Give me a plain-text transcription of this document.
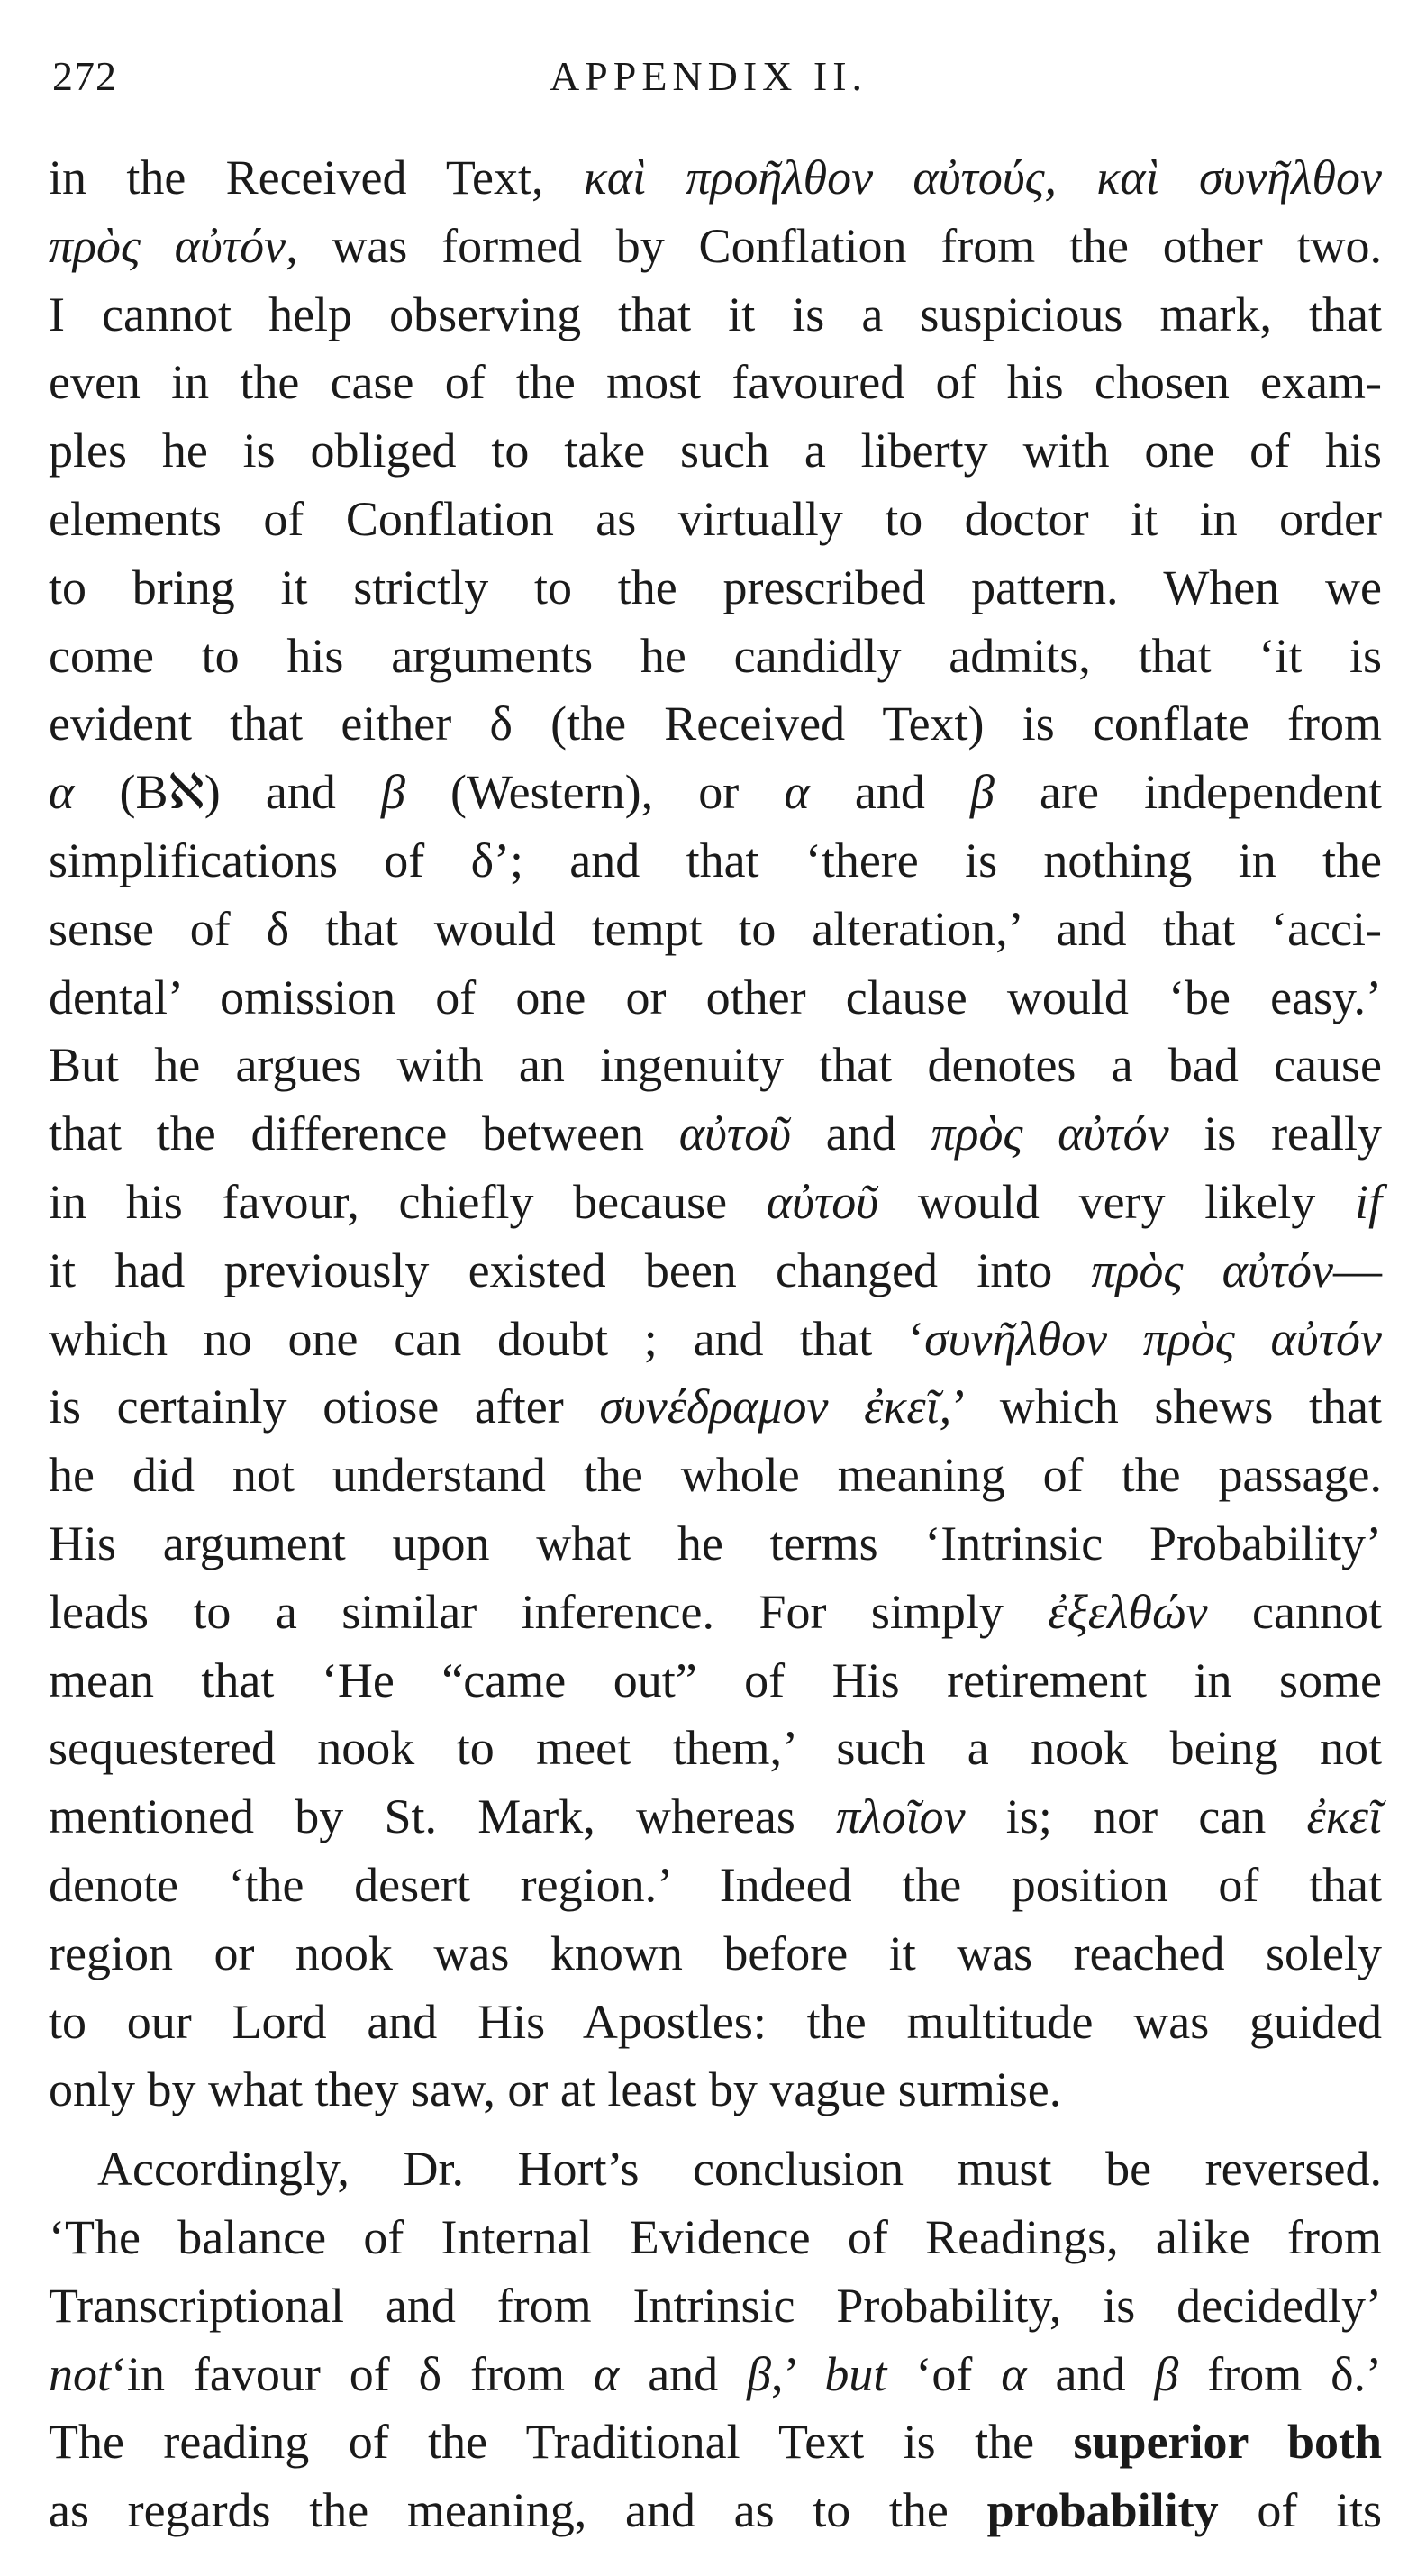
272	APPENDIX II.
in the Received Text, καὶ προῆλθον αὐτούς, καὶ συνῆλθον
πρὸς αὐτόν, was formed by Conflation from the other two.
I cannot help observing that it is a suspicious mark, that
even in the case of the most favoured of his chosen exam-
ples he is obliged to take such a liberty with one of his
elements of Conflation as virtually to doctor it in order
to bring it strictly to the prescribed pattern. When we
come to his arguments he candidly admits, that ‘it is
evident that either δ (the Received Text) is conflate from
α (Bℵ) and β (Western), or α and β are independent
simplifications of δ’; and that ‘there is nothing in the
sense of δ that would tempt to alteration,’ and that ‘acci-
dental’ omission of one or other clause would ‘be easy.’
But he argues with an ingenuity that denotes a bad cause
that the difference between αὐτοῦ and πρὸς αὐτόν is really
in his favour, chiefly because αὐτοῦ would very likely if
it had previously existed been changed into πρὸς αὐτόν—
which no one can doubt ; and that ‘συνῆλθον πρὸς αὐτόν
is certainly otiose after συνέδραμον ἐκεῖ,’ which shews that
he did not understand the whole meaning of the passage.
His argument upon what he terms ‘Intrinsic Probability’
leads to a similar inference. For simply ἐξελθών cannot
mean that ‘He “came out” of His retirement in some
sequestered nook to meet them,’ such a nook being not
mentioned by St. Mark, whereas πλοῖον is; nor can ἐκεῖ
denote ‘the desert region.’ Indeed the position of that
region or nook was known before it was reached solely
to our Lord and His Apostles: the multitude was guided
only by what they saw, or at least by vague surmise.
Accordingly, Dr. Hort’s conclusion must be reversed.
‘The balance of Internal Evidence of Readings, alike from
Transcriptional and from Intrinsic Probability, is decidedly’
not‘in favour of δ from α and β,’ but ‘of α and β from δ.’
The reading of the Traditional Text is the superior both
as regards the meaning, and as to the probability of its
